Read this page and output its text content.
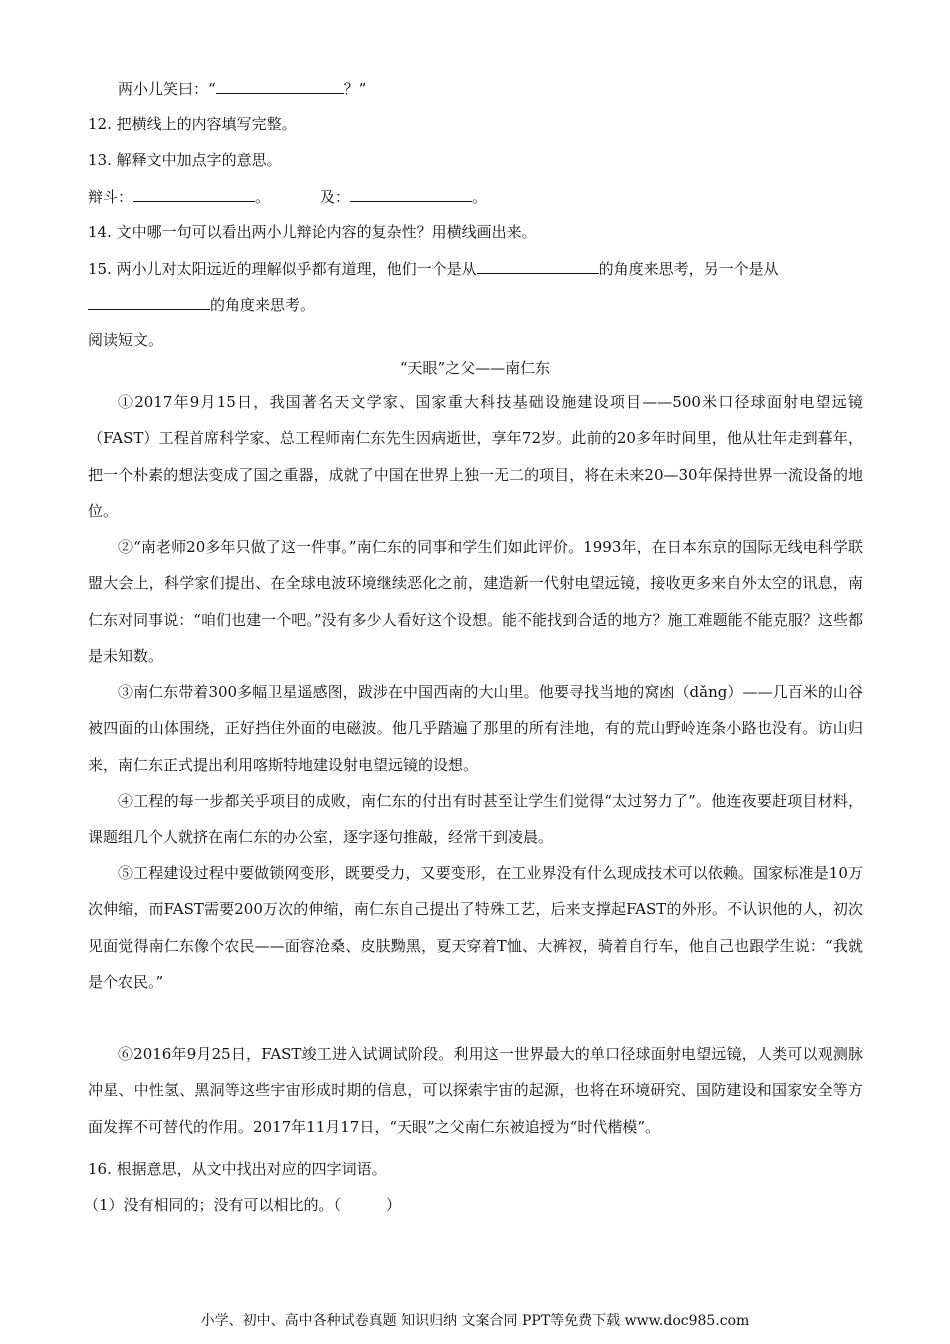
两小儿笑曰：“	？”
12. 把横线上的内容填写完整。
13. 解释文中加点字的意思。
辩斗：	。	及：	。
14. 文中哪一句可以看出两小儿辩论内容的复杂性？用横线画出来。
15. 两小儿对太阳远近的理解似乎都有道理，他们一个是从	的角度来思考，另一个是从
的角度来思考。
阅读短文。
“天眼”之父——南仁东
①2017年9月15日，我国著名天文学家、国家重大科技基础设施建设项目——500米口径球面射电望远镜（FAST）工程首席科学家、总工程师南仁东先生因病逝世，享年72岁。此前的20多年时间里，他从壮年走到暮年，把一个朴素的想法变成了国之重器，成就了中国在世界上独一无二的项目，将在未来20—30年保持世界一流设备的地位。
②“南老师20多年只做了这一件事。”南仁东的同事和学生们如此评价。1993年，在日本东京的国际无线电科学联盟大会上，科学家们提出、在全球电波环境继续恶化之前，建造新一代射电望远镜，接收更多来自外太空的讯息，南仁东对同事说：“咱们也建一个吧。”没有多少人看好这个设想。能不能找到合适的地方？施工难题能不能克服？这些都是未知数。
③南仁东带着300多幅卫星遥感图，跋涉在中国西南的大山里。他要寻找当地的窝凼（dǎng）——几百米的山谷被四面的山体围绕，正好挡住外面的电磁波。他几乎踏遍了那里的所有洼地，有的荒山野岭连条小路也没有。访山归来，南仁东正式提出利用喀斯特地建设射电望远镜的设想。
④工程的每一步都关乎项目的成败，南仁东的付出有时甚至让学生们觉得“太过努力了”。他连夜要赶项目材料，课题组几个人就挤在南仁东的办公室，逐字逐句推敲，经常干到凌晨。
⑤工程建设过程中要做锁网变形，既要受力，又要变形，在工业界没有什么现成技术可以依赖。国家标准是10万次伸缩，而FAST需要200万次的伸缩，南仁东自己提出了特殊工艺，后来支撑起FAST的外形。不认识他的人，初次见面觉得南仁东像个农民——面容沧桑、皮肤黝黑，夏天穿着T恤、大裤衩，骑着自行车，他自己也跟学生说：“我就是个农民。”
⑥2016年9月25日，FAST竣工进入试调试阶段。利用这一世界最大的单口径球面射电望远镜，人类可以观测脉冲星、中性氢、黑洞等这些宇宙形成时期的信息，可以探索宇宙的起源，也将在环境研究、国防建设和国家安全等方面发挥不可替代的作用。2017年11月17日，“天眼”之父南仁东被追授为“时代楷模”。
16. 根据意思，从文中找出对应的四字词语。
（1）没有相同的；没有可以相比的。（　　　）
小学、初中、高中各种试卷真题 知识归纳 文案合同 PPT等免费下载 www.doc985.com
